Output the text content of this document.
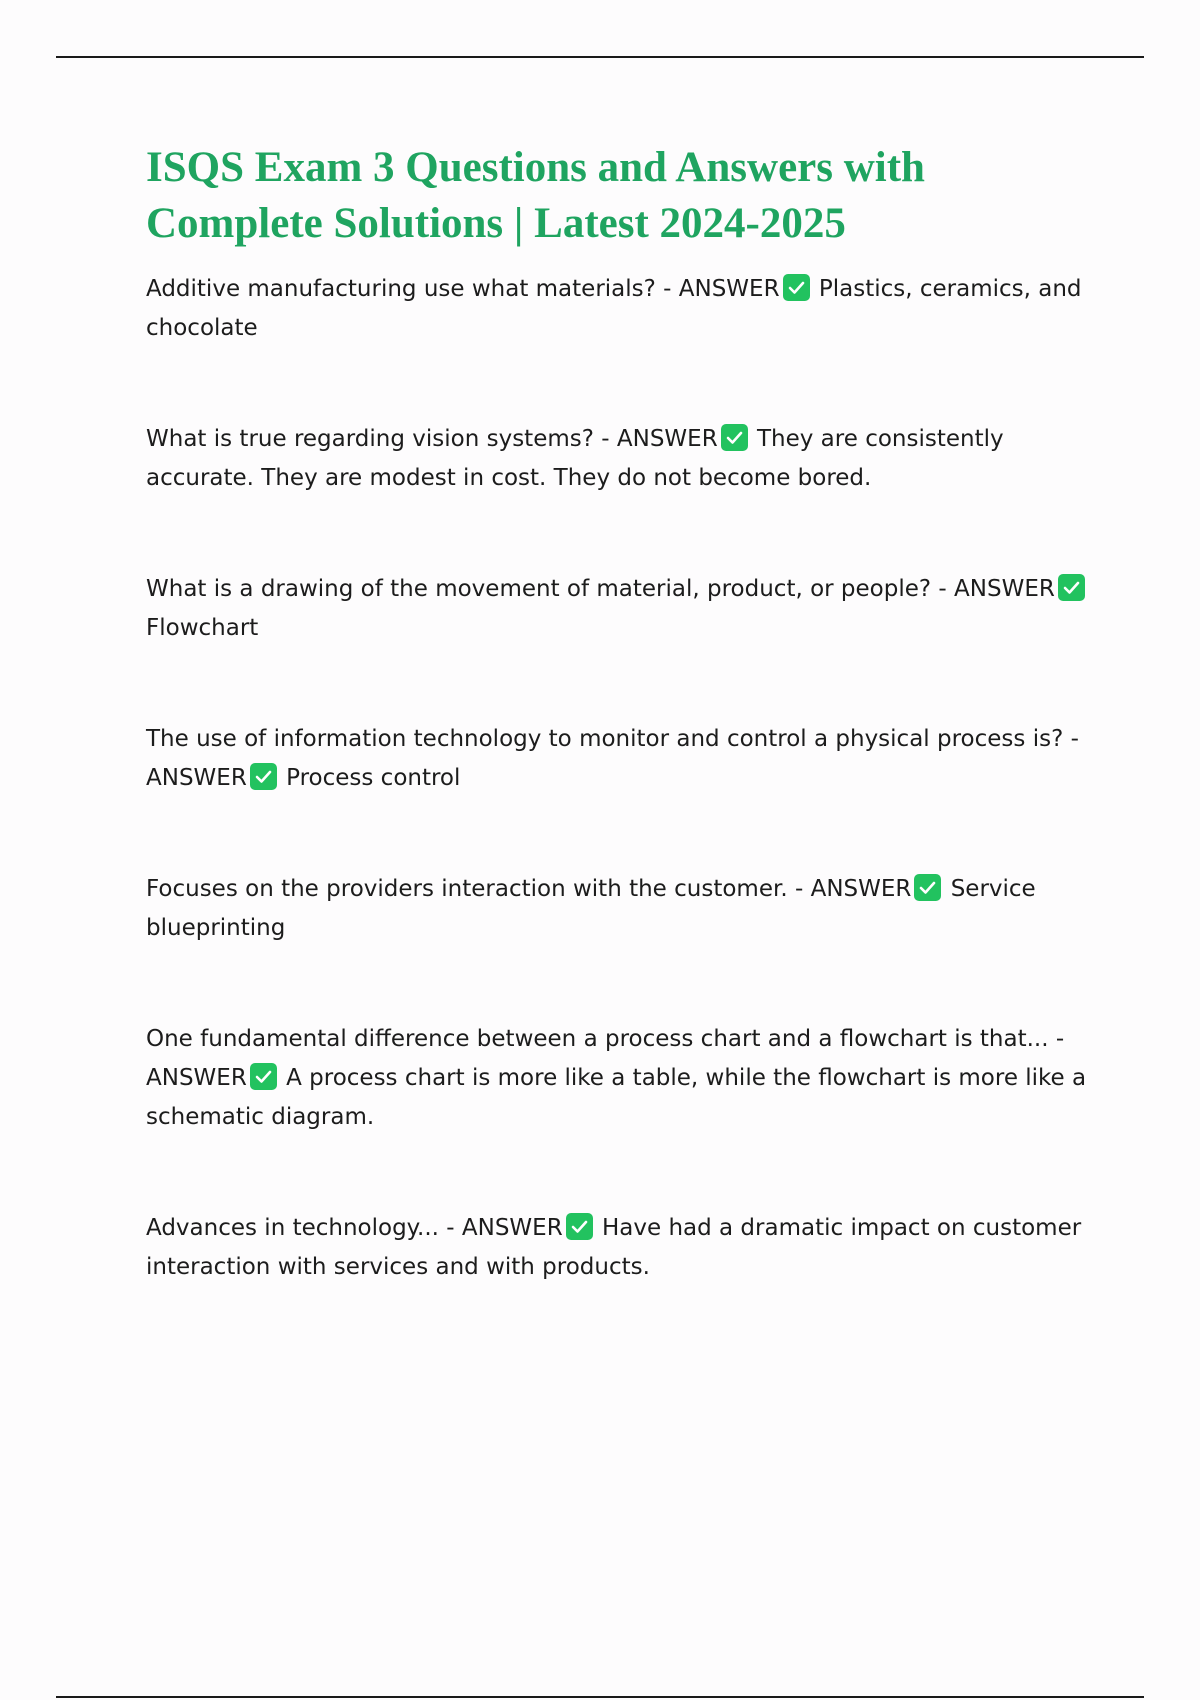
ISQS Exam 3 Questions and Answers with Complete Solutions | Latest 2024-2025

Additive manufacturing use what materials? - ANSWER Plastics, ceramics, and chocolate

What is true regarding vision systems? - ANSWER They are consistently accurate. They are modest in cost. They do not become bored.

What is a drawing of the movement of material, product, or people? - ANSWER
Flowchart

The use of information technology to monitor and control a physical process is? - ANSWER Process control

Focuses on the providers interaction with the customer. - ANSWER Service blueprinting

One fundamental difference between a process chart and a flowchart is that... - ANSWER A process chart is more like a table, while the flowchart is more like a schematic diagram.

Advances in technology... - ANSWER Have had a dramatic impact on customer interaction with services and with products.
